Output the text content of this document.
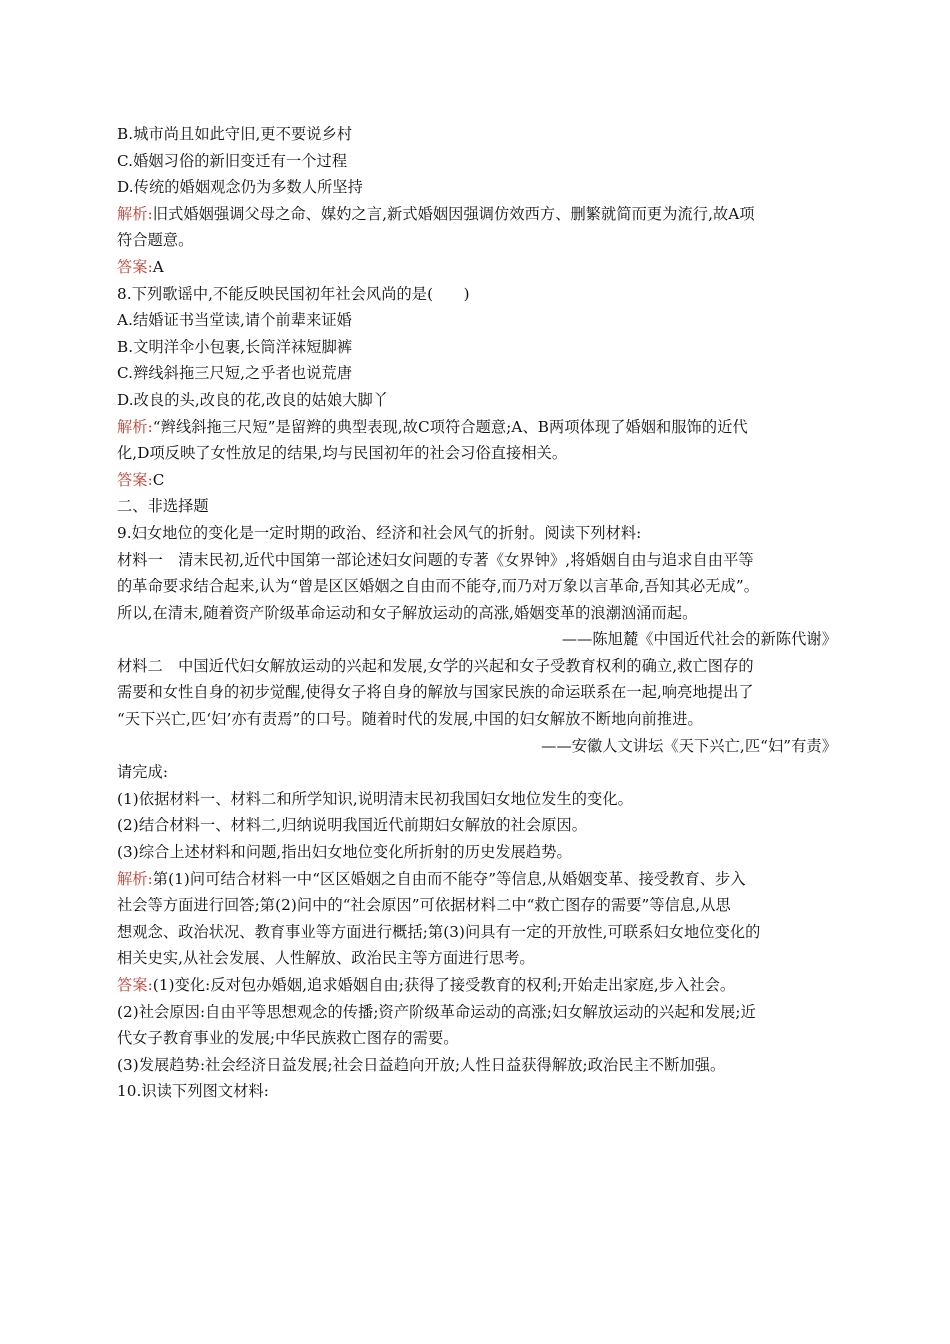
B.城市尚且如此守旧,更不要说乡村
C.婚姻习俗的新旧变迁有一个过程
D.传统的婚姻观念仍为多数人所坚持
解析:旧式婚姻强调父母之命、媒妁之言,新式婚姻因强调仿效西方、删繁就简而更为流行,故A项
符合题意。
答案:A
8.下列歌谣中,不能反映民国初年社会风尚的是(　　)
A.结婚证书当堂读,请个前辈来证婚
B.文明洋伞小包裹,长筒洋袜短脚裤
C.辫线斜拖三尺短,之乎者也说荒唐
D.改良的头,改良的花,改良的姑娘大脚丫
解析:“辫线斜拖三尺短”是留辫的典型表现,故C项符合题意;A、B两项体现了婚姻和服饰的近代
化,D项反映了女性放足的结果,均与民国初年的社会习俗直接相关。
答案:C
二、非选择题
9.妇女地位的变化是一定时期的政治、经济和社会风气的折射。阅读下列材料:
材料一　清末民初,近代中国第一部论述妇女问题的专著《女界钟》,将婚姻自由与追求自由平等
的革命要求结合起来,认为“曾是区区婚姻之自由而不能夺,而乃对万象以言革命,吾知其必无成”。
所以,在清末,随着资产阶级革命运动和女子解放运动的高涨,婚姻变革的浪潮汹涌而起。
——陈旭麓《中国近代社会的新陈代谢》
材料二　中国近代妇女解放运动的兴起和发展,女学的兴起和女子受教育权利的确立,救亡图存的
需要和女性自身的初步觉醒,使得女子将自身的解放与国家民族的命运联系在一起,响亮地提出了
“天下兴亡,匹‘妇’亦有责焉”的口号。随着时代的发展,中国的妇女解放不断地向前推进。
——安徽人文讲坛《天下兴亡,匹“妇”有责》
请完成:
(1)依据材料一、材料二和所学知识,说明清末民初我国妇女地位发生的变化。
(2)结合材料一、材料二,归纳说明我国近代前期妇女解放的社会原因。
(3)综合上述材料和问题,指出妇女地位变化所折射的历史发展趋势。
解析:第(1)问可结合材料一中“区区婚姻之自由而不能夺”等信息,从婚姻变革、接受教育、步入
社会等方面进行回答;第(2)问中的“社会原因”可依据材料二中“救亡图存的需要”等信息,从思
想观念、政治状况、教育事业等方面进行概括;第(3)问具有一定的开放性,可联系妇女地位变化的
相关史实,从社会发展、人性解放、政治民主等方面进行思考。
答案:(1)变化:反对包办婚姻,追求婚姻自由;获得了接受教育的权利;开始走出家庭,步入社会。
(2)社会原因:自由平等思想观念的传播;资产阶级革命运动的高涨;妇女解放运动的兴起和发展;近
代女子教育事业的发展;中华民族救亡图存的需要。
(3)发展趋势:社会经济日益发展;社会日益趋向开放;人性日益获得解放;政治民主不断加强。
10.识读下列图文材料:
